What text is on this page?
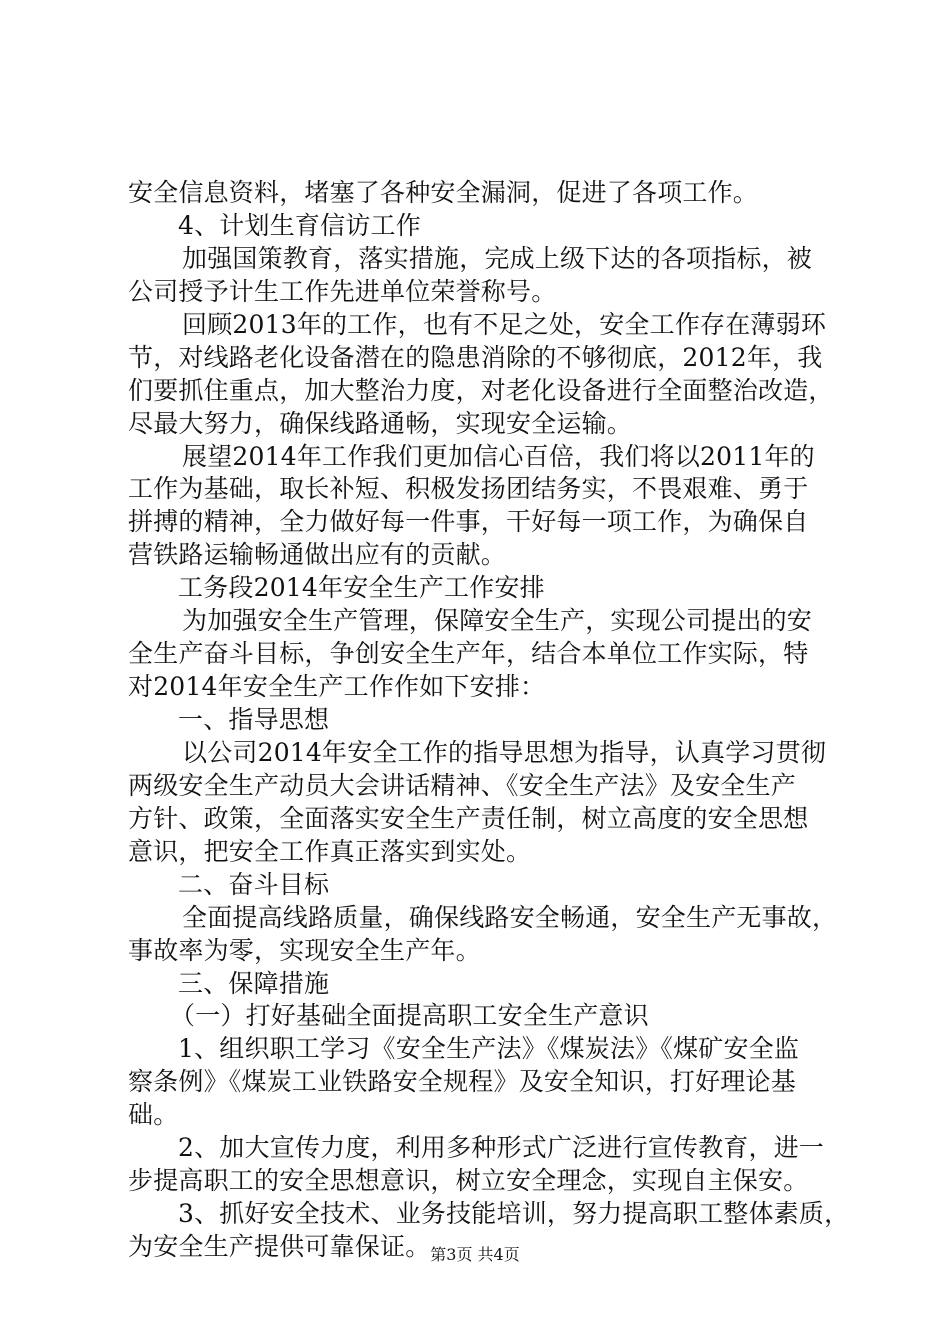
安全信息资料，堵塞了各种安全漏洞，促进了各项工作。
4、计划生育信访工作
加强国策教育，落实措施，完成上级下达的各项指标，被
公司授予计生工作先进单位荣誉称号。
回顾2013年的工作，也有不足之处，安全工作存在薄弱环
节，对线路老化设备潜在的隐患消除的不够彻底，2012年，我
们要抓住重点，加大整治力度，对老化设备进行全面整治改造，
尽最大努力，确保线路通畅，实现安全运输。
展望2014年工作我们更加信心百倍，我们将以2011年的
工作为基础，取长补短、积极发扬团结务实，不畏艰难、勇于
拼搏的精神，全力做好每一件事，干好每一项工作，为确保自
营铁路运输畅通做出应有的贡献。
工务段2014年安全生产工作安排
为加强安全生产管理，保障安全生产，实现公司提出的安
全生产奋斗目标，争创安全生产年，结合本单位工作实际，特
对2014年安全生产工作作如下安排：
一、指导思想
以公司2014年安全工作的指导思想为指导，认真学习贯彻
两级安全生产动员大会讲话精神、《安全生产法》及安全生产
方针、政策，全面落实安全生产责任制，树立高度的安全思想
意识，把安全工作真正落实到实处。
二、奋斗目标
全面提高线路质量，确保线路安全畅通，安全生产无事故，
事故率为零，实现安全生产年。
三、保障措施
（一）打好基础全面提高职工安全生产意识
1、组织职工学习《安全生产法》《煤炭法》《煤矿安全监
察条例》《煤炭工业铁路安全规程》及安全知识，打好理论基
础。
2、加大宣传力度，利用多种形式广泛进行宣传教育，进一
步提高职工的安全思想意识，树立安全理念，实现自主保安。
3、抓好安全技术、业务技能培训，努力提高职工整体素质，
为安全生产提供可靠保证。 第3页 共4页
